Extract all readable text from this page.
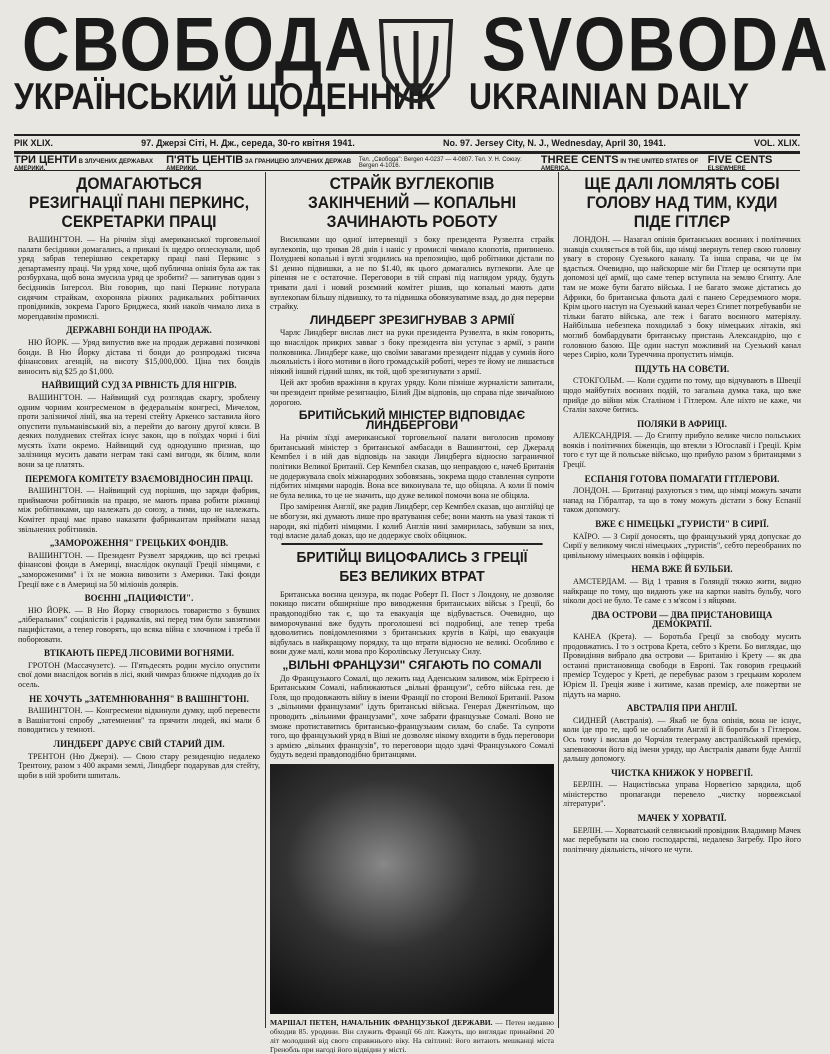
СВОБОДА SVOBODA
УКРАЇНСЬКИЙ ЩОДЕННИК UKRAINIAN DAILY
РІК XLIX.	97. Джерзі Сіті, Н. Дж., середа, 30-го квітня 1941.	No. 97. Jersey City, N. J., Wednesday, April 30, 1941.	VOL. XLIX.
ТРИ ЦЕНТИ В ЗЛУЧЕНИХ ДЕРЖАВАХ АМЕРИКИ.
П'ЯТЬ ЦЕНТІВ ЗА ГРАНИЦЕЮ ЗЛУЧЕНИХ ДЕРЖАВ АМЕРИКИ.
Тел. „Свобода": Bergen 4-0237 — 4-0807. Тел. У. Н. Союзу: Bergen 4-1016.	THREE CENTS IN THE UNITED STATES OF AMERICA.
FIVE CENTS ELSEWHERE
ДОМАГАЮТЬСЯ РЕЗИГНАЦІЇ ПАНІ ПЕРКИНС, СЕКРЕТАРКИ ПРАЦІ

ВАШИНГТОН. — На річнім зїзді американської торговельної палати бесідники домагались, а прикані їх щедро оплескували, щоб уряд забрав теперішню секретарку праці пані Перкинс з департаменту праці. Чи уряд хоче, щоб публична опінія була аж так розбурхана, щоб вона змусила уряд це зробити? — запитував один з бесідників Інгерсол. Він говорив, що пані Перкинс потурала сидячим страйкам, охороняла ріжних радикальних робітничих провідників, зокрема Гарого Бриджеса, який накоїв чимало лиха в морепдавнім промислі.

ДЕРЖАВНІ БОНДИ НА ПРОДАЖ.

НЮ ЙОРК. — Уряд випустив вже на продаж державні позичкові бонди. В Ню Йорку дістава ті бонди до розпродажі тисяча фінансових агенцій, на висоту $15,000,000. Ціна тих бондів виносить від $25 до $1,000.

НАЙВИЩИЙ СУД ЗА РІВНІСТЬ ДЛЯ НІГРІВ.

ВАШИНГТОН. — Найвищий суд розглядав скаргу, зроблену одним чорним конгресменом в федеральнім конгресі, Мичелом, проти залізничої лінії, яка на терені стейту Аркенсо заставила його опустити пульманівський віз, а перейти до вагону другої кляси. В деяких полудневих стейтах існує закон, що в поїздах чорні і білі мусять їхати окремо. Найвищий суд однодушно признав, що залізниця мусить давати неграм такі самі вигоди, як білим, коли вони за це платять.

ПЕРЕМОГА КОМІТЕТУ ВЗАЄМОВІДНОСИН ПРАЦІ.

ВАШИНГТОН. — Найвищий суд порішив, що заряди фабрик, приймаючи робітників на працю, не мають права робити ріжниці між робітниками, що належать до союзу, а тими, що не належать. Комітет праці має право наказати фабрикантам приймати назад звільнених робітників.

„ЗАМОРОЖЕННЯ" ГРЕЦЬКИХ ФОНДІВ.

ВАШИНГТОН. — Президент Рузвелт заряджив, що всі грецькі фінансові фонди в Америці, внаслідок окупації Греції німцями, є „замороженими" і їх не можна вивозити з Америки. Такі фонди Греції вже є в Америці на 50 міліонів долярів.

ВОЄННІ „ПАЦИФІСТИ".

НЮ ЙОРК. — В Ню Йорку створилось товариство з бувших „ліберальних" соціялістів і радикалів, які перед тим були завзятими пацифістами, а тепер говорять, що всяка війна є злочином і треба її поборювати.

ВТІКАЮТЬ ПЕРЕД ЛІСОВИМИ ВОГНЯМИ.

ГРОТОН (Массачузетс). — П'ятьдесять родин мусіло опустити свої доми внаслідок вогнів в лісі, який чимраз ближче підходив до їх осель.

НЕ ХОЧУТЬ „ЗАТЕМНЮВАННЯ" В ВАШІНГТОНІ.

ВАШИНГТОН. — Конгресмени відкинули думку, щоб перевести в Вашінгтоні спробу „затемнення" та прячити людей, які мали б поводитись у темноті.

ЛИНДБЕРГ ДАРУЄ СВІЙ СТАРИЙ ДІМ.

ТРЕНТОН (Ню Джерзі). — Свою стару резиденцію недалеко Трентону, разом з 400 акрами землі, Линдберг подарував для стейту, щоби в ній зробити шпиталь.

СТРАЙК ВУГЛЕКОПІВ ЗАКІНЧЕНИЙ — КОПАЛЬНІ ЗАЧИНАЮТЬ РОБОТУ

Висилками що одної інтервенції з боку президента Рузвелта страйк вуглекопів, що тривав 28 днів і наніс у промислі чимало клопотів, припинено. Полудневі копальні і вуглі згодились на препозицію, щоб робітники дістали по $1 денно підвишки, а не по $1.40, як цього домагались вуглекопи. Але це ріпення не є остаточне. Переговори в тій справі під наглядом уряду, будуть тривати далі і новий розємний комітет рішив, що копальні мають дати вуглекопам більшу підвишку, то та підвишка обовязуватиме взад, до дня перерви страйку.

ЛИНДБЕРГ ЗРЕЗИГНУВАВ З АРМІЇ

Чарлс Линдберг вислав лист на руки президента Рузвелта, в якім говорить, що внаслідок прикрих завваг з боку президента він уступає з армії, з ранґи полковника. Линдберг каже, що своїми завагами президент піддав у сумнів його льояльність і його мотиви в його громадській роботі, через те йому не лишається ніякий інший гідний шлях, як той, щоб зрезигнувати з армії.

Цей акт зробив вражіння в кругах уряду. Коли пізніше журналісти запитали, чи президент прийме резигнацію, Білий Дім відповів, що справа піде звичайною дорогою.

БРИТІЙСЬКИЙ МІНІСТЕР ВІДПОВІДАЄ ЛИНДБЕРГОВИ

На річнім зїзді американської торговельної палати виголосив промову британський міністер з британської амбасади в Вашингтоні, сер Джералд Кемпбел і в ній дав відповідь на закиди Линдберга відносно заграничної політики Великої Британії. Сер Кемпбел сказав, що неправдою є, начеб Британія не додержувала своїх міжнародних зобовязань, зокрема щодо ставлення супроти підбитих німцями народів. Вона все виконувала те, що обіцяла. А коли її поміч не була велика, то це не значить, що дуже великої помочи вона не обіцяла.

Про замірення Англії, яке радив Линдберг, сер Кемпбел сказав, що англійці це не вбогузи, які думають лише про вратування себе; вони мають на увазі також ті народи, які підбиті німцями. І колиб Англія нині замирилась, забувши за них, тоді власне далаб доказ, що не додержує своїх обіцянок.

БРИТІЙЦІ ВИЦОФАЛИСЬ З ГРЕЦІЇ БЕЗ ВЕЛИКИХ ВТРАТ

Британська воєнна цензура, як подає Роберт П. Пост з Лондону, не дозволяє покищо писати обширніше про виводження британських військ з Греції, бо правдоподібно так є, що та евакуація ще відбувається. Очевидно, що виморочуванні вже будуть проголошені всі подробиці, але тепер треба вдоволитись повідомленнями з британських кругів в Каїрі, що евакуація відбулась в найкращому порядку, та що втрати відносно не великі. Особливо є вони дуже малі, коли мова про Королівську Летунську Силу.

„ВІЛЬНІ ФРАНЦУЗИ" СЯГАЮТЬ ПО СОМАЛІ

До Французького Сомалі, що лежить над Аденським заливом, між Ерітреєю і Британським Сомалі, наближаються „вільні французи", себто війська ген. де Голя, що продовжають війну в імени Франції по стороні Великої Британії. Разом з „вільними французами" ідуть британські війська. Генерал Джентільом, що проводить „вільними французами", хоче забрати французьке Сомалі. Воно не зможе протиставитись британсько-французьким силам, бо слабе. Та супроти того, що французький уряд в Віші не дозволяє нікому входити в будь переговори з армією „вільних французів", то переговори щодо здачі Французького Сомалі будуть ведені правдоподібно британцями.

МАРШАЛ ПЕТЕН, НАЧАЛЬНИК ФРАНЦУЗЬКОЇ ДЕРЖАВИ. — Петен недавно обходив 85. уродини. Він служить Франції 66 літ. Кажуть, що виглядає принаймні 20 літ молодший від свого справжнього віку. На світлині: його витають мешканці міста Гренобль при нагоді його відвідин у місті.
ЩЕ ДАЛІ ЛОМЛЯТЬ СОБІ ГОЛОВУ НАД ТИМ, КУДИ ПІДЕ ГІТЛЄР

ЛОНДОН. — Назагал опінія британських воєнних і політичних знавців схиляється в той бік, що німці звернуть тепер свою головну увагу в сторону Суезького каналу. Та інша справа, чи це їм вдасться. Очевидно, що найскорше міг би Гітлер це осягнути при допомозі цеї армії, що саме тепер вступила на землю Єгипту. Але там не може бути багато війська. І не багато зможе дістатись до Африки, бо британська фльота далі є панею Середземного моря. Крім цього наступ на Суезький канал через Єгипет потребувавби не тільки багато війська, але теж і багато воєнного матеріялу. Найбільша небезпека походилаб з боку німецьких літаків, які моглиб бомбардувати британську пристань Александрію, що є головною базою. Ще один наступ можливий на Суезький канал через Сирію, коли Туреччина пропустить німців.

ПІДУТЬ НА СОВЄТИ.

СТОКГОЛЬМ. — Коли судити по тому, що відчувають в Швеції щодо майбутніх воєнних подій, то загальна думка така, що вже прийде до війни між Сталіном і Гітлером. Але ніхто не каже, чи Сталін захоче битись.

ПОЛЯКИ В АФРИЦІ.

АЛЕКСАНДРІЯ. — До Єгипту прибуло велике число польських вояків і політичних біженців, що втекли з Югославії і Греції. Крім того є тут ще й польське військо, що прибуло разом з британцями з Греції.

ЕСПАНІЯ ГОТОВА ПОМАГАТИ ГІТЛЕРОВИ.

ЛОНДОН. — Британці рахуються з тим, що німці можуть зачати напад на Гібралтар, та що в тому можуть дістати з боку Еспанії також допомогу.

ВЖЕ Є НІМЕЦЬКІ „ТУРИСТИ" В СИРІЇ.

КАЇРО. — З Сирії доносять, що французький уряд допускає до Сирії у великому числі німецьких „туристів", себто переобраних по цивільному німецьких вояків і офіцирів.

НЕМА ВЖЕ Й БУЛЬБИ.

АМСТЕРДАМ. — Від 1 травня в Голяндії тяжко жити, видно найкраще по тому, що видають уже на картки навіть бульбу, чого ніколи досі не було. Те саме є з м'ясом і з яйцями.

ДВА ОСТРОВИ — ДВА ПРИСТАНОВИЩА ДЕМОКРАТІЇ.

КАНЕА (Крета). — Боротьба Греції за свободу мусить продовжатись. І то з острова Крета, себто з Крети. Бо виглядає, що Провидіння вибрало два острови — Британію і Крету — як два останні пристановища свободи в Европі. Так говорив грецький премієр Тсудерос у Креті, де перебуває разом з грецьким королем Юрієм II. Греція живе і житиме, казав премієр, але пожертви не підуть на марно.

АВСТРАЛІЯ ПРИ АНГЛІЇ.

СИДНЕЙ (Австралія). — Якаб не була опінія, вона не існує, коли іде про те, щоб не ослабити Англії й її боротьби з Гітлером. Ось тому і вислав до Чорчіля телеграму австралійський премієр, запевнюючи його від імени уряду, що Австралія давати буде Англії дальшу допомогу.

ЧИСТКА КНИЖОК У НОРВЕГІЇ.

БЕРЛІН. — Нацистівська управа Норвегією зарядила, щоб міністерство пропаганди перевело „чистку норвежської літератури".

МАЧЕК У ХОРВАТІЇ.

БЕРЛІН. — Хорватський селянський провідник Владимир Мачек має перебувати на свою господарстві, недалеко Загребу. Про його політичну діяльність, нічого не чути.
